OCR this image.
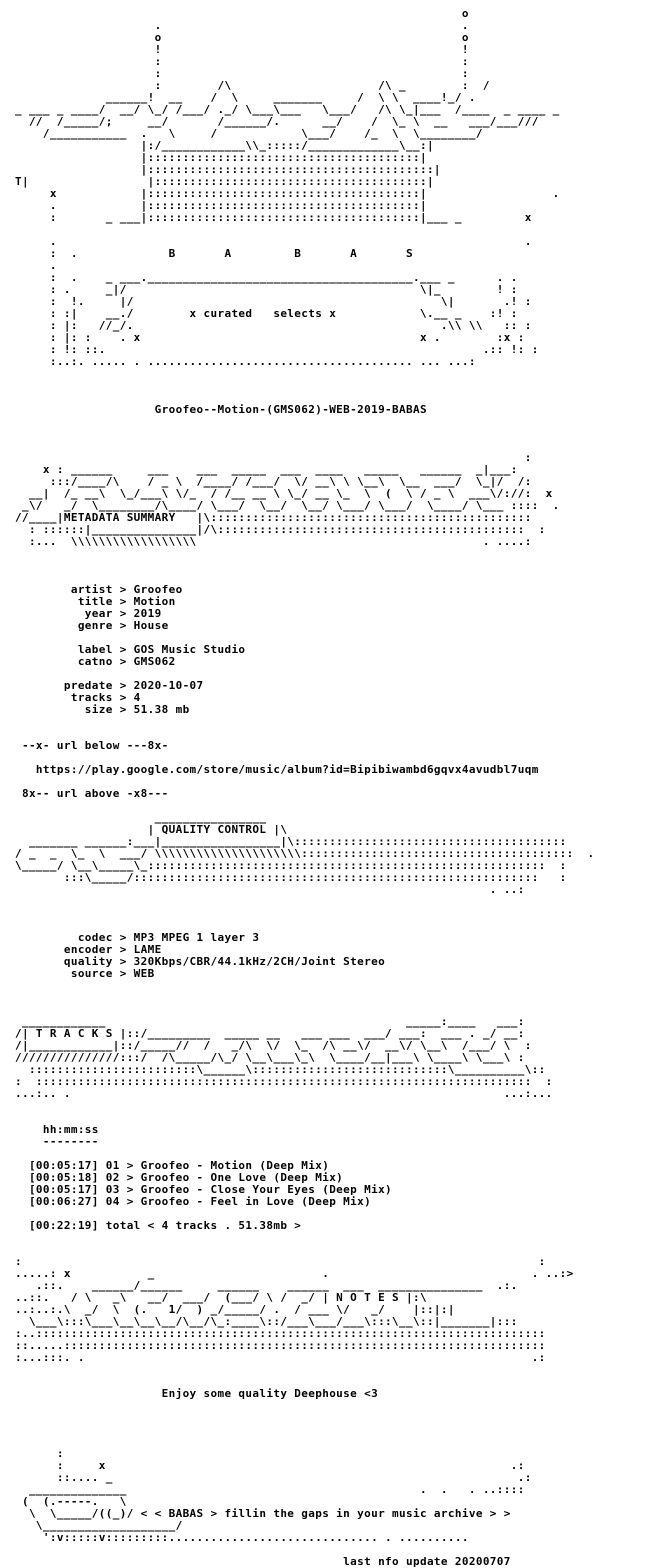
o
.                                           .
o                                           o
!                                           !
:                                           :
:                                           :
:        /\                     /\ _        :  /
______!  __    /  \     _______     /  \ \  ____!_/ .
_ ___ _ ____/  __/ \_/ /___/ ._/ \___\___   \___/   /\ \_|___  /____  _ ____ _
//  /_____/;     __/       /______/.      __/    /  \_ \  __   ___/___///
/___________  .   \     /            \___/    /_  \  \________/
|:/____________\\_:::::/_____________\__:|
|:::::::::::::::::::::::::::::::::::::::|
|:::::::::::::::::::::::::::::::::::::::::|
T|                 |:::::::::::::::::::::::::::::::::::::::|
x            |:::::::::::::::::::::::::::::::::::::::|                  .
.            |:::::::::::::::::::::::::::::::::::::::|
:       _ ___|:::::::::::::::::::::::::::::::::::::::|___ _         x
.                                                                   .
:  .             B       A         B       A       S
.
:  .    _ ___.______________________________________.___ _      . .
: .     _|/                                          \|_        ! :
:  !.     |/                                            \|       .! :
: :|    __./        x curated   selects x            \.__ _    :! :
: |:   //_/.                                            .\\ \\   :: :
: |: :    . x                                        x .        :x :
: !: ::.                                                      .:: !: :
:..:. ..... . ...................................... ... ...:
Groofeo--Motion-(GMS062)-WEB-2019-BABAS
:
x : ______     ___    ___  _____  ___  ____   _____   ______  _|___:
:::/____/\    / _ \  /____/ /___/  \/ __\ \ \__\  \__  ___/  \_|/  /:
__|  /_ __\  \_/___\ \/_  / /__ __ \ \_/ __ \_  \  (  \ / _ \  ___\/://:  x
_\/   _/  \________/\____/ \___/  \__/  \__/ \___/ \___/  \____/ \___ ::::  .
//____|METADATA SUMMARY   |\::::::::::::::::::::::::::::::::::::::::::::::
: ::::::|_______________|/\::::::::::::::::::::::::::::::::::::::::::::  :
:...  \\\\\\\\\\\\\\\\\\                                         . ....:
artist > Groofeo
title > Motion
year > 2019
genre > House
label > GOS Music Studio
catno > GMS062
predate > 2020-10-07
tracks > 4
size > 51.38 mb
--x- url below ---8x-
https://play.google.com/store/music/album?id=Bipibiwambd6gqvx4avudbl7uqm
8x-- url above -x8---
________________
| QUALITY CONTROL |\
_______ ______:___|_________________|\:::::::::::::::::::::::::::::::::::::::
/ _  _  \_  \  ___/ \\\\\\\\\\\\\\\\\\\\\:::::::::::::::::::::::::::::::::::::::  .
\_____/ \__\_____\_:::::::::::::::::::::::::::::::::::::::::::::::::::::::::  :
:::\_____/::::::::::::::::::::::::::::::::::::::::::::::::::::::::::   :
. ..:
codec > MP3 MPEG 1 layer 3
encoder > LAME
quality > 320Kbps/CBR/44.1kHz/2CH/Joint Stereo
source > WEB
____________                                           _____:____   ___:
/| T R A C K S |::/_________  _____ __   ___ ___  ___/ ___:  ___ . _/ __:
/|____________|::/_____//  /   _/\  \/  \_  /\ __\/  __\/ \__\  /___/ \  :
///////////////:::/  /\_____/\_/ \__\___\_\  \____/__|___\ \____\ \___\ :
::::::::::::::::::::::::\______\::::::::::::::::::::::::::::\__________\::
:  :::::::::::::::::::::::::::::::::::::::::::::::::::::::::::::::::::::::  :
...:.. .                                                              ...:...
hh:mm:ss
--------
[00:05:17] 01 > Groofeo - Motion (Deep Mix)
[00:05:18] 02 > Groofeo - One Love (Deep Mix)
[00:05:17] 03 > Groofeo - Close Your Eyes (Deep Mix)
[00:06:27] 04 > Groofeo - Feel in Love (Deep Mix)
[00:22:19] total < 4 tracks . 51.38mb >
:                                                                          :
.....: x           _                        .                             . ..:>
.::.    ______/______     ______    ______  ___  _______________  .:.
..::.   / \   _\   __/  ___/  (___/ \ /  _/ | N O T E S |:\
..:..:.\  _/  \  (.   1/  ) _/_____/ .  / ___ \/   _/    |::|:|
\___\:::\___\__\__\__/\__/\_:____\::/___\___/___\:::\__\::|_______|:::
:..:::::::::::::::::::::::::::::::::::::::::::::::::::::::::::::::::::::::::
::.....:::::::::::::::::::::::::::::::::::::::::::::::::::::::::::::::::::::
:...:::. .                                                                .:
Enjoy some quality Deephouse <3
:
:     x                                                          .:
::.... _                                                          .:
______________                                          .  .   . ..::::
(  (.-----.   \
\  \_____/((_)/ < < BABAS > fillin the gaps in your music archive > >
\___________________/
':v:::::v:::::::::.............................. . ..........
last nfo update 20200707
